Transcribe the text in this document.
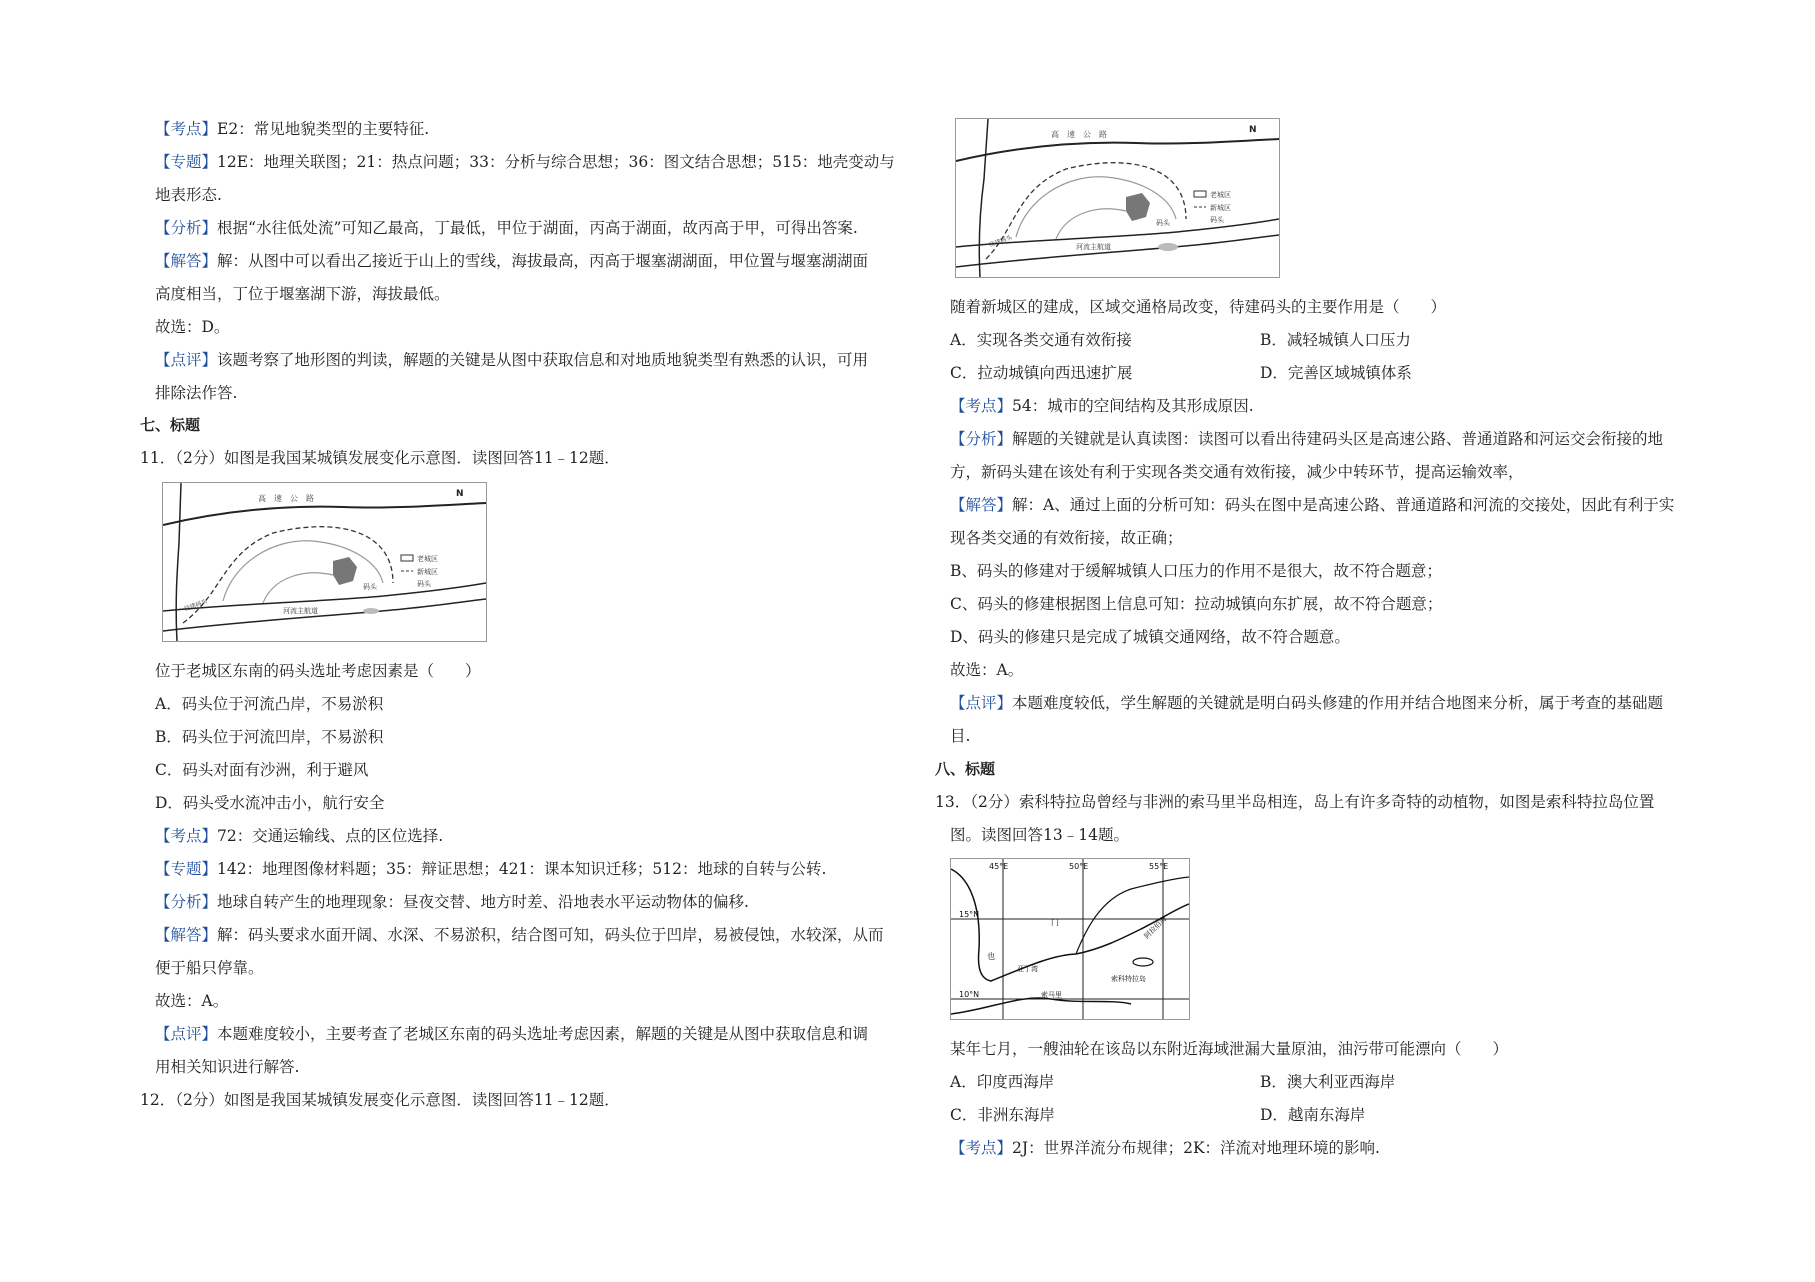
【考点】E2：常见地貌类型的主要特征.
【专题】12E：地理关联图；21：热点问题；33：分析与综合思想；36：图文结合思想；515：地壳变动与
地表形态.
【分析】根据“水往低处流”可知乙最高，丁最低，甲位于湖面，丙高于湖面，故丙高于甲，可得出答案.
【解答】解：从图中可以看出乙接近于山上的雪线，海拔最高，丙高于堰塞湖湖面，甲位置与堰塞湖湖面
高度相当，丁位于堰塞湖下游，海拔最低。
故选：D。
【点评】该题考察了地形图的判读，解题的关键是从图中获取信息和对地质地貌类型有熟悉的认识，可用
排除法作答.
七、标题
11．（2分）如图是我国某城镇发展变化示意图．读图回答11﹣12题．
高　速　公　路
河流主航道
码头
待建码头
老城区
新城区
码头
N
位于老城区东南的码头选址考虑因素是（　　）
A．码头位于河流凸岸，不易淤积
B．码头位于河流凹岸，不易淤积
C．码头对面有沙洲，利于避风
D．码头受水流冲击小，航行安全
【考点】72：交通运输线、点的区位选择.
【专题】142：地理图像材料题；35：辩证思想；421：课本知识迁移；512：地球的自转与公转.
【分析】地球自转产生的地理现象：昼夜交替、地方时差、沿地表水平运动物体的偏移.
【解答】解：码头要求水面开阔、水深、不易淤积，结合图可知，码头位于凹岸，易被侵蚀，水较深，从而
便于船只停靠。
故选：A。
【点评】本题难度较小，主要考查了老城区东南的码头选址考虑因素，解题的关键是从图中获取信息和调
用相关知识进行解答.
12．（2分）如图是我国某城镇发展变化示意图．读图回答11﹣12题．
高　速　公　路
河流主航道
码头
待建码头
老城区
新城区
码头
N
随着新城区的建成，区域交通格局改变，待建码头的主要作用是（　　）
A．实现各类交通有效衔接	B．减轻城镇人口压力
C．拉动城镇向西迅速扩展	D．完善区域城镇体系
【考点】54：城市的空间结构及其形成原因.
【分析】解题的关键就是认真读图：读图可以看出待建码头区是高速公路、普通道路和河运交会衔接的地
方，新码头建在该处有利于实现各类交通有效衔接，减少中转环节，提高运输效率，
【解答】解：A、通过上面的分析可知：码头在图中是高速公路、普通道路和河流的交接处，因此有利于实
现各类交通的有效衔接，故正确；
B、码头的修建对于缓解城镇人口压力的作用不是很大，故不符合题意；
C、码头的修建根据图上信息可知：拉动城镇向东扩展，故不符合题意；
D、码头的修建只是完成了城镇交通网络，故不符合题意。
故选：A。
【点评】本题难度较低，学生解题的关键就是明白码头修建的作用并结合地图来分析，属于考查的基础题
目.
八、标题
13．（2分）索科特拉岛曾经与非洲的索马里半岛相连，岛上有许多奇特的动植物，如图是索科特拉岛位置
图。读图回答13﹣14题。
45°E	50°E	55°E
15°N
10°N
门
也
亚丁湾
索科特拉岛
索马里
阿拉伯海
某年七月，一艘油轮在该岛以东附近海域泄漏大量原油，油污带可能漂向（　　）
A．印度西海岸	B．澳大利亚西海岸
C．非洲东海岸	D．越南东海岸
【考点】2J：世界洋流分布规律；2K：洋流对地理环境的影响.
